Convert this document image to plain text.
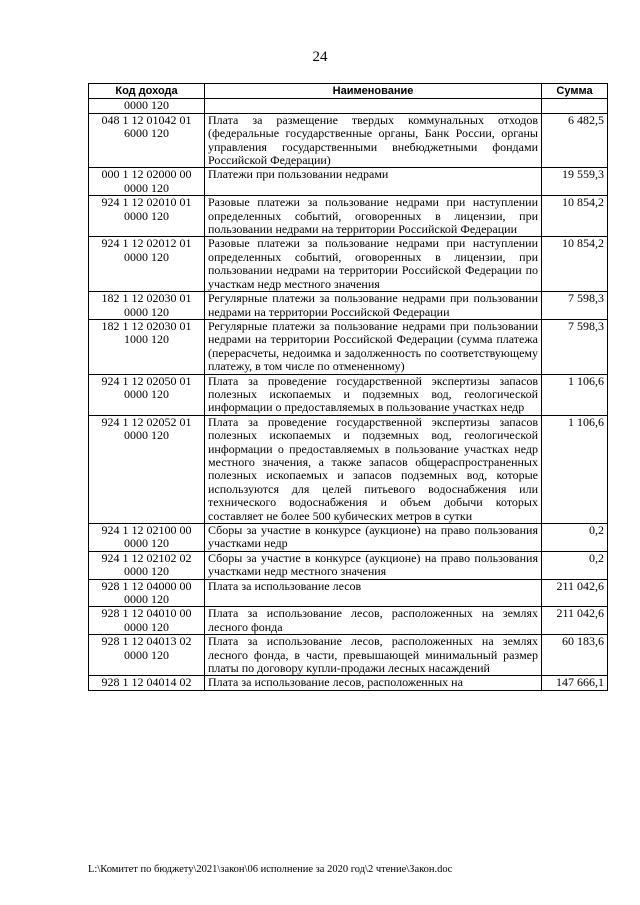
24
Код дохода	Наименование	Сумма
0000 120		
048 1 12 01042 01 6000 120	Плата за размещение твердых коммунальных отходов (федеральные государственные органы, Банк России, органы управления государственными внебюджетными фондами Российской Федерации)	6 482,5
000 1 12 02000 00 0000 120	Платежи при пользовании недрами	19 559,3
924 1 12 02010 01 0000 120	Разовые платежи за пользование недрами при наступлении определенных событий, оговоренных в лицензии, при пользовании недрами на территории Российской Федерации	10 854,2
924 1 12 02012 01 0000 120	Разовые платежи за пользование недрами при наступлении определенных событий, оговоренных в лицензии, при пользовании недрами на территории Российской Федерации по участкам недр местного значения	10 854,2
182 1 12 02030 01 0000 120	Регулярные платежи за пользование недрами при пользовании недрами на территории Российской Федерации	7 598,3
182 1 12 02030 01 1000 120	Регулярные платежи за пользование недрами при пользовании недрами на территории Российской Федерации (сумма платежа (перерасчеты, недоимка и задолженность по соответствующему платежу, в том числе по отмененному)	7 598,3
924 1 12 02050 01 0000 120	Плата за проведение государственной экспертизы запасов полезных ископаемых и подземных вод, геологической информации о предоставляемых в пользование участках недр	1 106,6
924 1 12 02052 01 0000 120	Плата за проведение государственной экспертизы запасов полезных ископаемых и подземных вод, геологической информации о предоставляемых в пользование участках недр местного значения, а также запасов общераспространенных полезных ископаемых и запасов подземных вод, которые используются для целей питьевого водоснабжения или технического водоснабжения и объем добычи которых составляет не более 500 кубических метров в сутки	1 106,6
924 1 12 02100 00 0000 120	Сборы за участие в конкурсе (аукционе) на право пользования участками недр	0,2
924 1 12 02102 02 0000 120	Сборы за участие в конкурсе (аукционе) на право пользования участками недр местного значения	0,2
928 1 12 04000 00 0000 120	Плата за использование лесов	211 042,6
928 1 12 04010 00 0000 120	Плата за использование лесов, расположенных на землях лесного фонда	211 042,6
928 1 12 04013 02 0000 120	Плата за использование лесов, расположенных на землях лесного фонда, в части, превышающей минимальный размер платы по договору купли-продажи лесных насаждений	60 183,6
928 1 12 04014 02	Плата за использование лесов, расположенных на	147 666,1
L:\Комитет по бюджету\2021\закон\06 исполнение за 2020 год\2 чтение\Закон.doc
